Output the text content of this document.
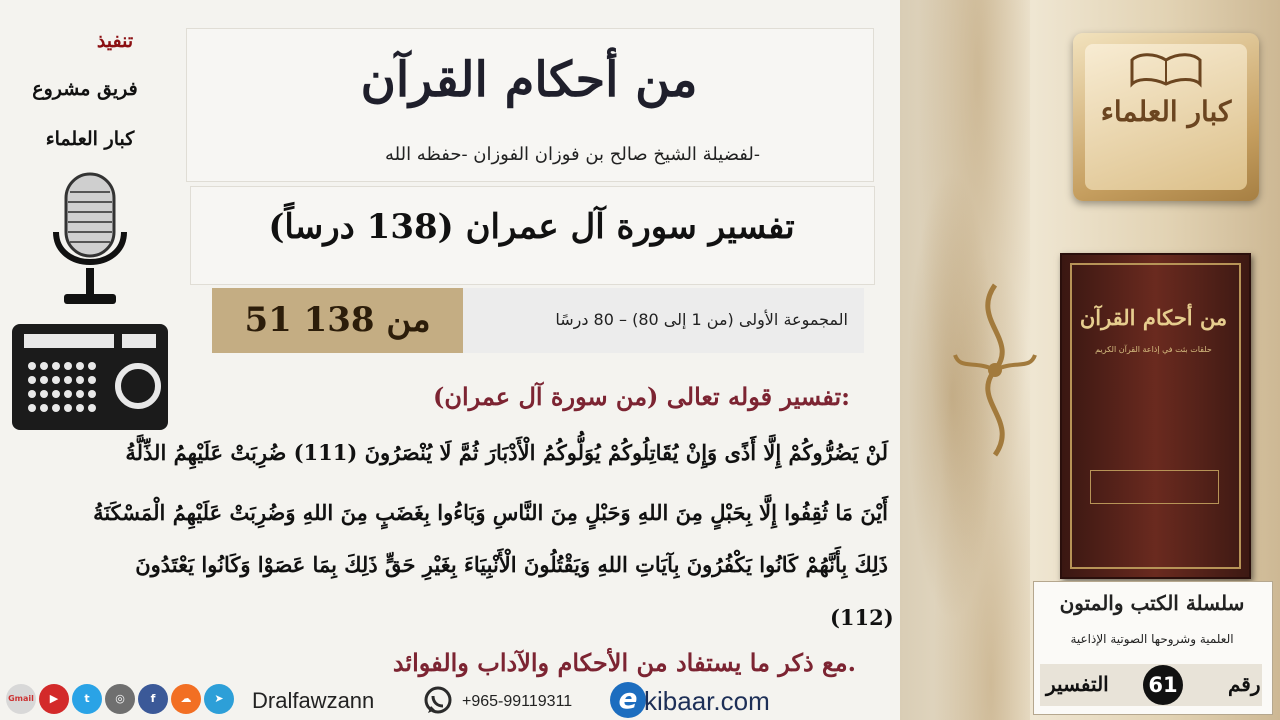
كبار العلماء
من أحكام القرآن
حلقات بثت في إذاعة القرآن الكريم
سلسلة الكتب والمتون
العلمية وشروحها الصوتية الإذاعية
رقم
61
التفسير
من أحكام القرآن
لفضيلة الشيخ صالح بن فوزان الفوزان -حفظه الله-
تفسير سورة آل عمران (138 درساً)
51 من 138	المجموعة الأولى (من 1 إلى 80) – 80 درسًا
تنفيذ
فريق مشروع
كبار العلماء
تفسير قوله تعالى (من سورة آل عمران):
لَنْ يَضُرُّوكُمْ إِلَّا أَذًى وَإِنْ يُقَاتِلُوكُمْ يُوَلُّوكُمُ الْأَدْبَارَ ثُمَّ لَا يُنْصَرُونَ (111) ضُرِبَتْ عَلَيْهِمُ الذِّلَّةُ
أَيْنَ مَا ثُقِفُوا إِلَّا بِحَبْلٍ مِنَ اللهِ وَحَبْلٍ مِنَ النَّاسِ وَبَاءُوا بِغَضَبٍ مِنَ اللهِ وَضُرِبَتْ عَلَيْهِمُ الْمَسْكَنَةُ
ذَلِكَ بِأَنَّهُمْ كَانُوا يَكْفُرُونَ بِآيَاتِ اللهِ وَيَقْتُلُونَ الْأَنْبِيَاءَ بِغَيْرِ حَقٍّ ذَلِكَ بِمَا عَصَوْا وَكَانُوا يَعْتَدُونَ
(112)
مع ذكر ما يستفاد من الأحكام والآداب والفوائد.
Gmail	▶	t	◎	f	☁	➤	Dralfawzann	+965-99119311	e kibaar.com
